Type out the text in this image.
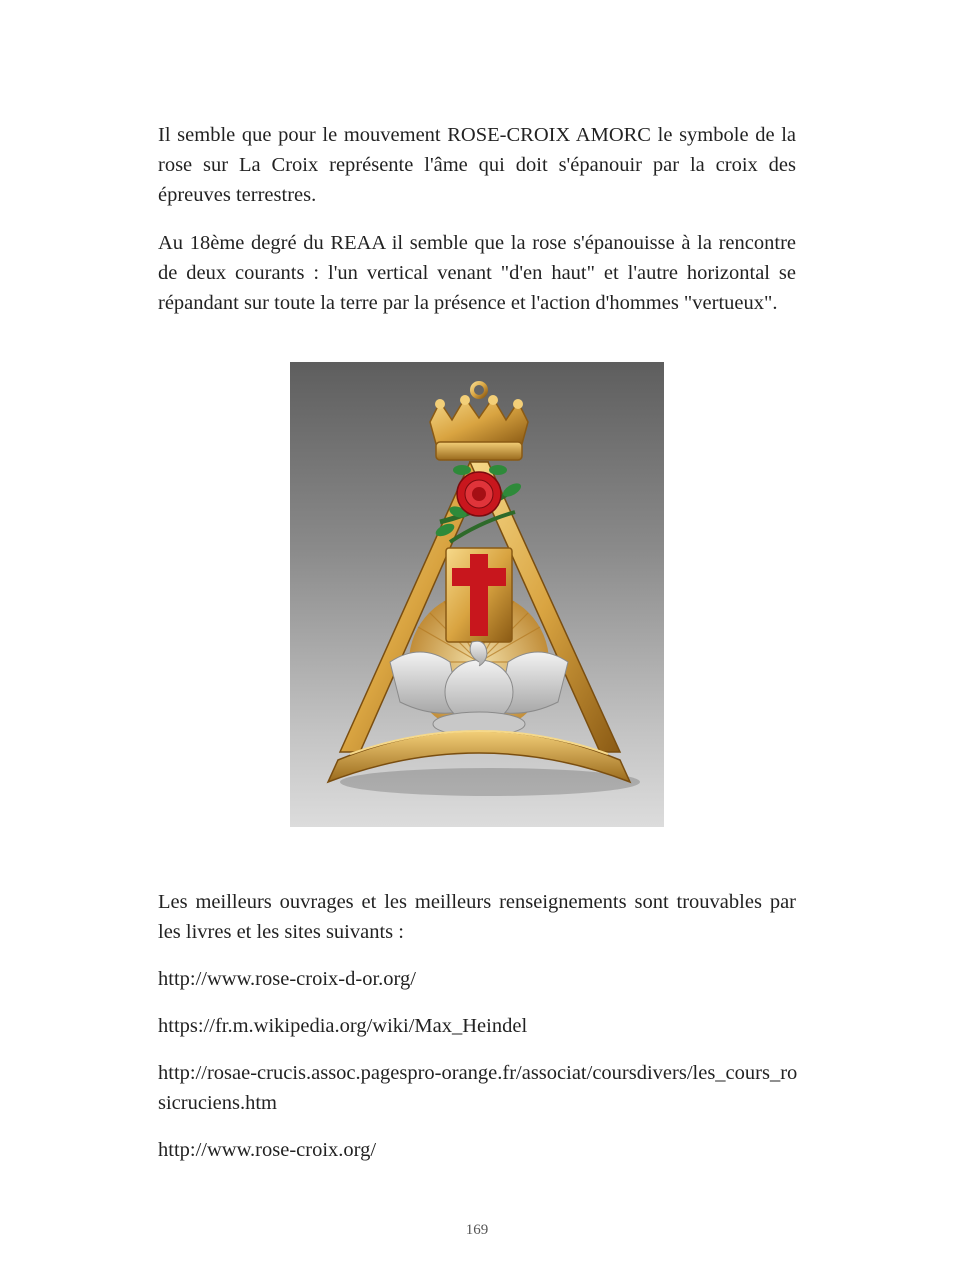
Il semble que pour le mouvement ROSE-CROIX AMORC le symbole de la rose sur La Croix représente l'âme qui doit s'épanouir par la croix des épreuves terrestres.

Au 18ème degré du REAA il semble que la rose s'épanouisse à la rencontre de deux courants : l'un vertical venant "d'en haut" et l'autre horizontal se répandant sur toute la terre par la présence et l'action d'hommes "vertueux".

Les meilleurs ouvrages et les meilleurs renseignements sont trouvables par les livres et les sites suivants :

http://www.rose-croix-d-or.org/

https://fr.m.wikipedia.org/wiki/Max_Heindel

http://rosae-crucis.assoc.pagespro-orange.fr/associat/coursdivers/les_cours_rosicruciens.htm

http://www.rose-croix.org/

169
